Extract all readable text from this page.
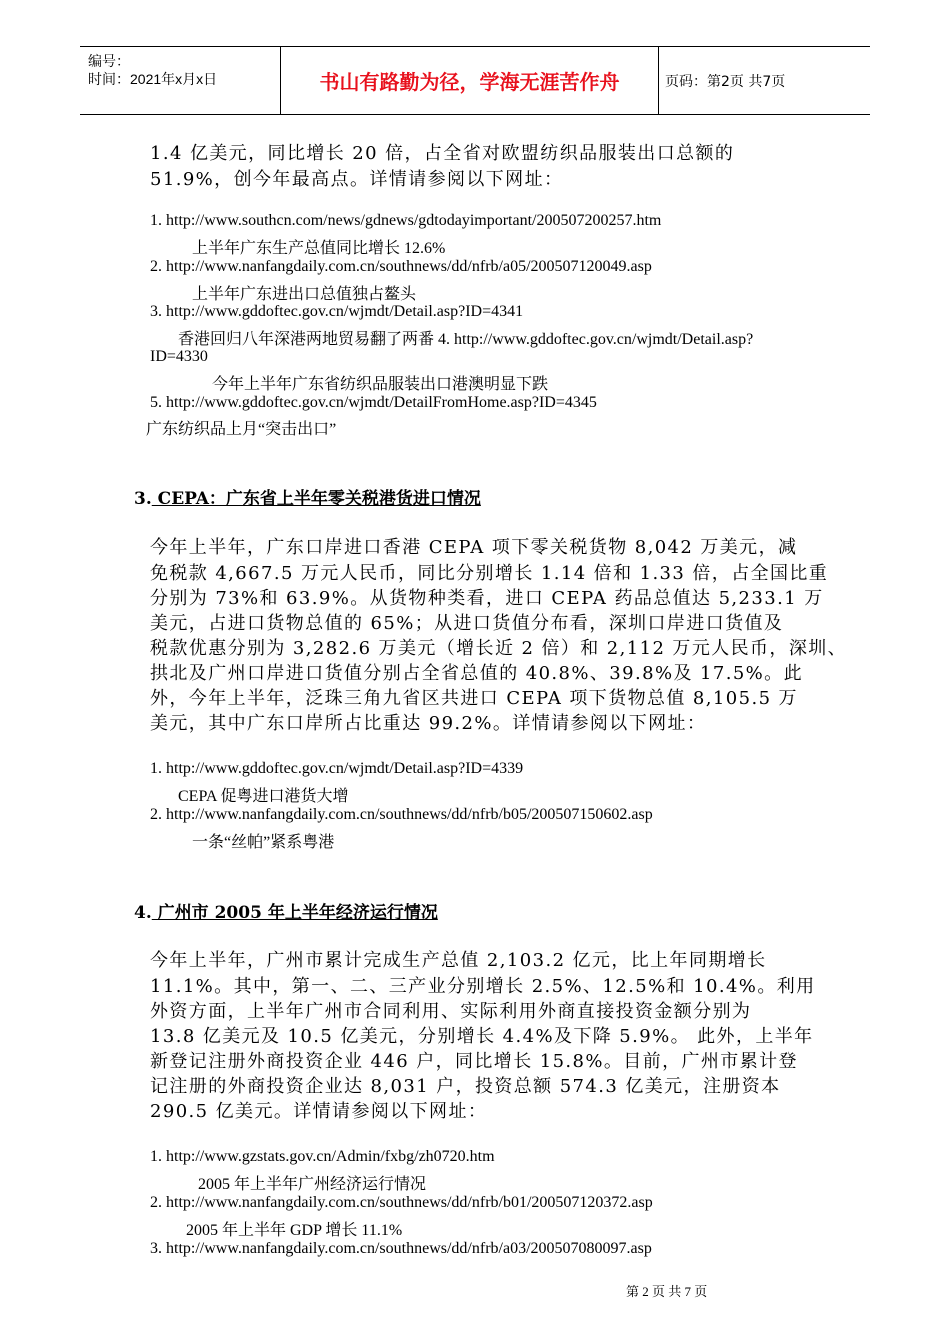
编号：
时间：2021年x月x日	书山有路勤为径，学海无涯苦作舟	页码：第2页 共7页
1.4 亿美元，同比增长 20 倍，占全省对欧盟纺织品服装出口总额的
51.9%，创今年最高点。详情请参阅以下网址：
1. http://www.southcn.com/news/gdnews/gdtodayimportant/200507200257.htm
上半年广东生产总值同比增长 12.6%
2. http://www.nanfangdaily.com.cn/southnews/dd/nfrb/a05/200507120049.asp
上半年广东进出口总值独占鳌头
3. http://www.gddoftec.gov.cn/wjmdt/Detail.asp?ID=4341
香港回归八年深港两地贸易翻了两番 4. http://www.gddoftec.gov.cn/wjmdt/Detail.asp?
ID=4330
今年上半年广东省纺织品服装出口港澳明显下跌
5. http://www.gddoftec.gov.cn/wjmdt/DetailFromHome.asp?ID=4345
广东纺织品上月“突击出口”
3. CEPA：广东省上半年零关税港货进口情况
今年上半年，广东口岸进口香港 CEPA 项下零关税货物 8,042 万美元，减
免税款 4,667.5 万元人民币，同比分别增长 1.14 倍和 1.33 倍，占全国比重
分别为 73%和 63.9%。从货物种类看，进口 CEPA 药品总值达 5,233.1 万
美元，占进口货物总值的 65%；从进口货值分布看，深圳口岸进口货值及
税款优惠分别为 3,282.6 万美元（增长近 2 倍）和 2,112 万元人民币，深圳、
拱北及广州口岸进口货值分别占全省总值的 40.8%、39.8%及 17.5%。此
外，今年上半年，泛珠三角九省区共进口 CEPA 项下货物总值 8,105.5 万
美元，其中广东口岸所占比重达 99.2%。详情请参阅以下网址：
1. http://www.gddoftec.gov.cn/wjmdt/Detail.asp?ID=4339
CEPA 促粤进口港货大增
2. http://www.nanfangdaily.com.cn/southnews/dd/nfrb/b05/200507150602.asp
一条“丝帕”紧系粤港
4. 广州市 2005 年上半年经济运行情况
今年上半年，广州市累计完成生产总值 2,103.2 亿元，比上年同期增长
11.1%。其中，第一、二、三产业分别增长 2.5%、12.5%和 10.4%。利用
外资方面，上半年广州市合同利用、实际利用外商直接投资金额分别为
13.8 亿美元及 10.5 亿美元，分别增长 4.4%及下降 5.9%。 此外，上半年
新登记注册外商投资企业 446 户，同比增长 15.8%。目前，广州市累计登
记注册的外商投资企业达 8,031 户，投资总额 574.3 亿美元，注册资本
290.5 亿美元。详情请参阅以下网址：
1. http://www.gzstats.gov.cn/Admin/fxbg/zh0720.htm
2005 年上半年广州经济运行情况
2. http://www.nanfangdaily.com.cn/southnews/dd/nfrb/b01/200507120372.asp
2005 年上半年 GDP 增长 11.1%
3. http://www.nanfangdaily.com.cn/southnews/dd/nfrb/a03/200507080097.asp
第 2 页 共 7 页
